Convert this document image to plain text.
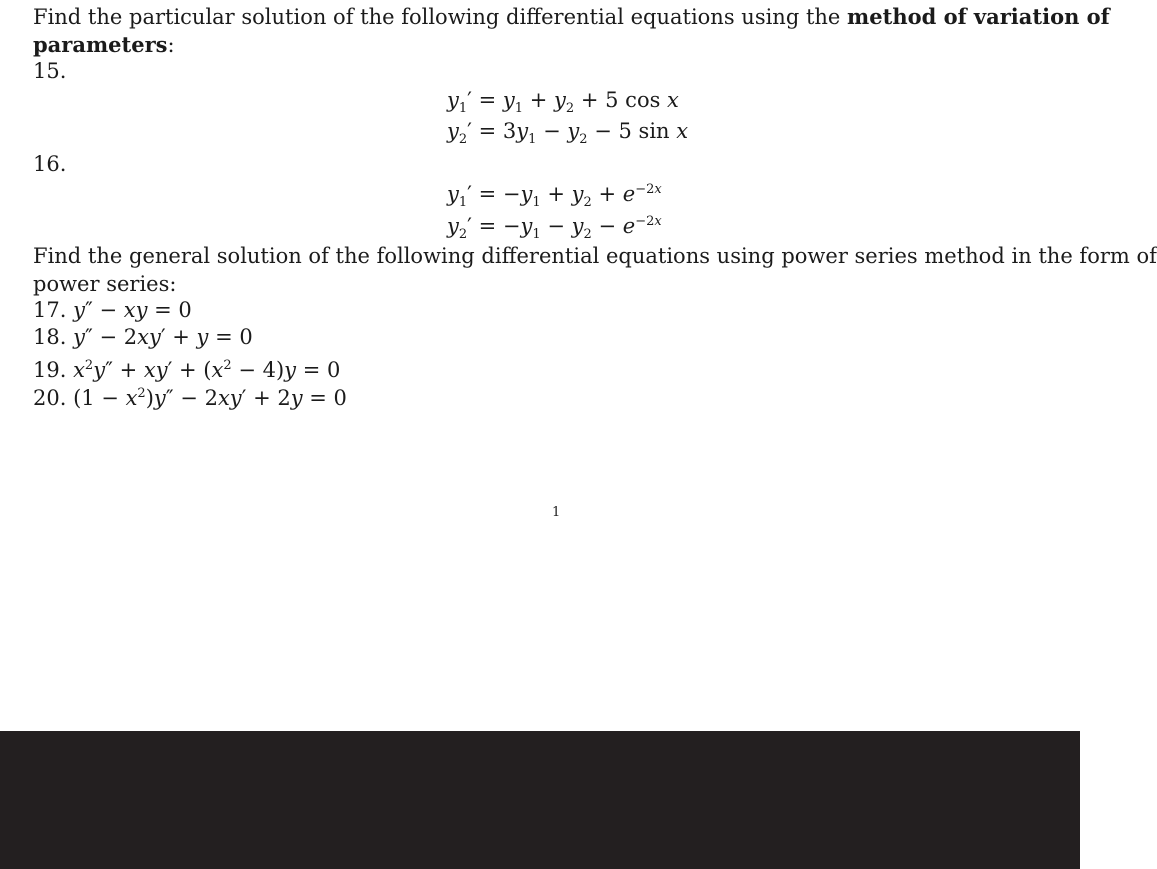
Find the particular solution of the following differential equations using the method of variation of

parameters:

15.
$y_1' = y_1 + y_2 + 5$ cos x
$y_2' = 3y_1 - y_2 - 5$ sin x
16.
$y_1' = -y_1 + y_2 + e^{-2x}$
$y_2' = -y_1 - y_2 - e^{-2x}$

Find the general solution of the following differential equations using power series method in the form of

power series:

17. y″ − xy = 0
18. y″ − 2xy′ + y = 0
19. $x^2y'' + xy' + (x^2 - 4)y = 0$
20. $(1 - x^2)y'' - 2xy' + 2y = 0$
1
